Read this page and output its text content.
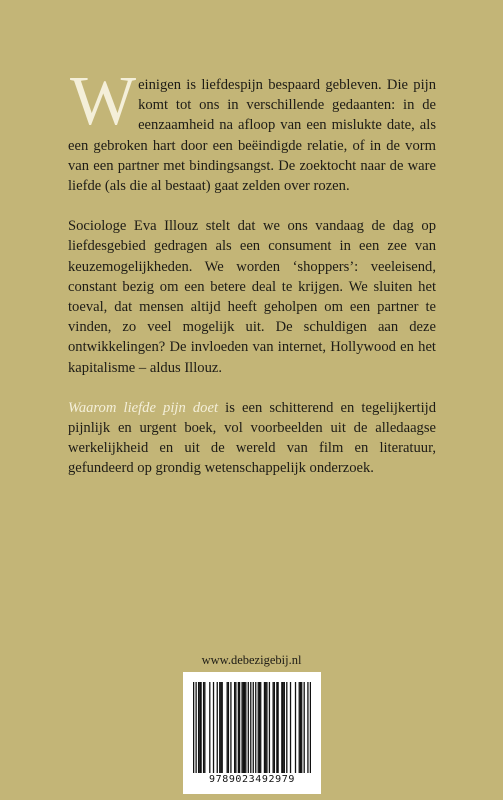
Weinigen is liefdespijn bespaard gebleven. Die pijn komt tot ons in verschillende gedaanten: in de eenzaamheid na afloop van een mislukte date, als een gebroken hart door een beëindigde relatie, of in de vorm van een partner met bindingsangst. De zoektocht naar de ware liefde (als die al bestaat) gaat zelden over rozen.

Sociologe Eva Illouz stelt dat we ons vandaag de dag op liefdesgebied gedragen als een consument in een zee van keuzemogelijkheden. We worden ‘shoppers’: veeleisend, constant bezig om een betere deal te krijgen. We sluiten het toeval, dat mensen altijd heeft geholpen om een partner te vinden, zo veel mogelijk uit. De schuldigen aan deze ontwikkelingen? De invloeden van internet, Hollywood en het kapitalisme – aldus Illouz.

Waarom liefde pijn doet is een schitterend en tegelijkertijd pijnlijk en urgent boek, vol voorbeelden uit de alledaagse werkelijkheid en uit de wereld van film en literatuur, gefundeerd op grondig wetenschappelijk onderzoek.

www.debezigebij.nl
9789023492979
